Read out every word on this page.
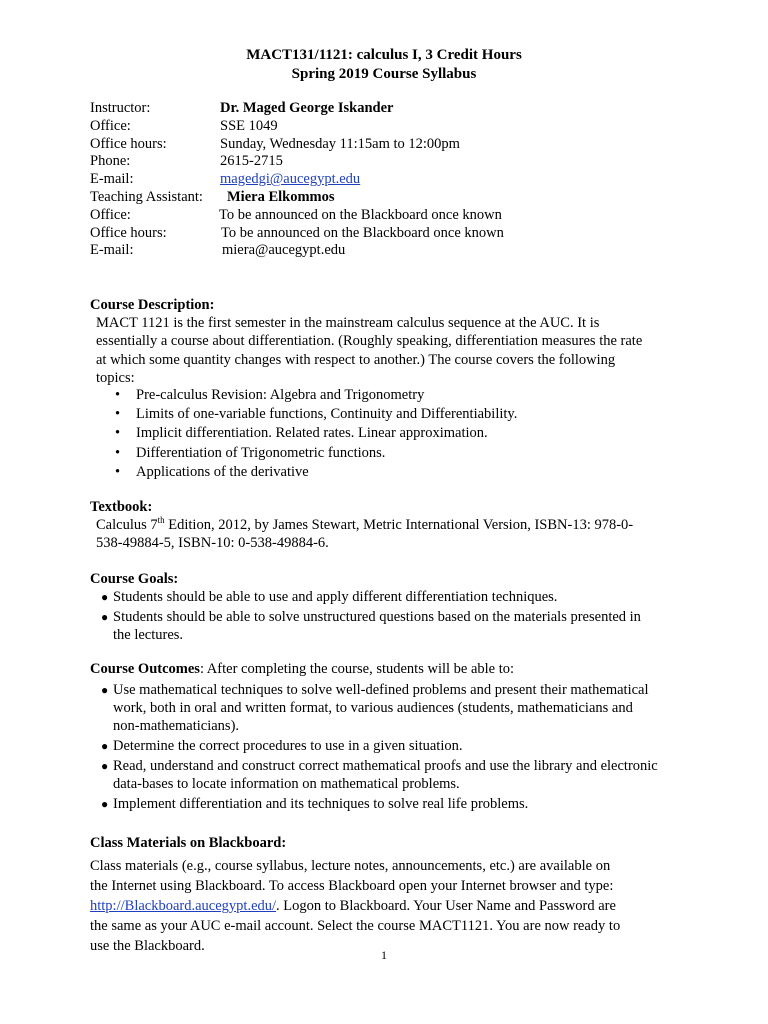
MACT131/1121: calculus I, 3 Credit Hours
Spring 2019 Course Syllabus
Instructor:	Dr. Maged George Iskander
Office:	SSE 1049
Office hours:	Sunday, Wednesday 11:15am to 12:00pm
Phone:	2615-2715
E-mail:	magedgi@aucegypt.edu
Teaching Assistant: Miera Elkommos
Office:	To be announced on the Blackboard once known
Office hours:	To be announced on the Blackboard once known
E-mail:	miera@aucegypt.edu
Course Description:
MACT 1121 is the first semester in the mainstream calculus sequence at the AUC. It is
essentially a course about differentiation. (Roughly speaking, differentiation measures the rate
at which some quantity changes with respect to another.) The course covers the following
topics:
• Pre-calculus Revision: Algebra and Trigonometry
• Limits of one-variable functions, Continuity and Differentiability.
• Implicit differentiation. Related rates. Linear approximation.
• Differentiation of Trigonometric functions.
• Applications of the derivative
Textbook:
Calculus 7th Edition, 2012, by James Stewart, Metric International Version, ISBN-13: 978-0-
538-49884-5, ISBN-10: 0-538-49884-6.
Course Goals:
● Students should be able to use and apply different differentiation techniques.
● Students should be able to solve unstructured questions based on the materials presented in
the lectures.
Course Outcomes: After completing the course, students will be able to:
● Use mathematical techniques to solve well-defined problems and present their mathematical
work, both in oral and written format, to various audiences (students, mathematicians and
non-mathematicians).
● Determine the correct procedures to use in a given situation.
● Read, understand and construct correct mathematical proofs and use the library and electronic
data-bases to locate information on mathematical problems.
● Implement differentiation and its techniques to solve real life problems.
Class Materials on Blackboard:
Class materials (e.g., course syllabus, lecture notes, announcements, etc.) are available on
the Internet using Blackboard. To access Blackboard open your Internet browser and type:
http://Blackboard.aucegypt.edu/. Logon to Blackboard. Your User Name and Password are
the same as your AUC e-mail account. Select the course MACT1121. You are now ready to
use the Blackboard.
1
